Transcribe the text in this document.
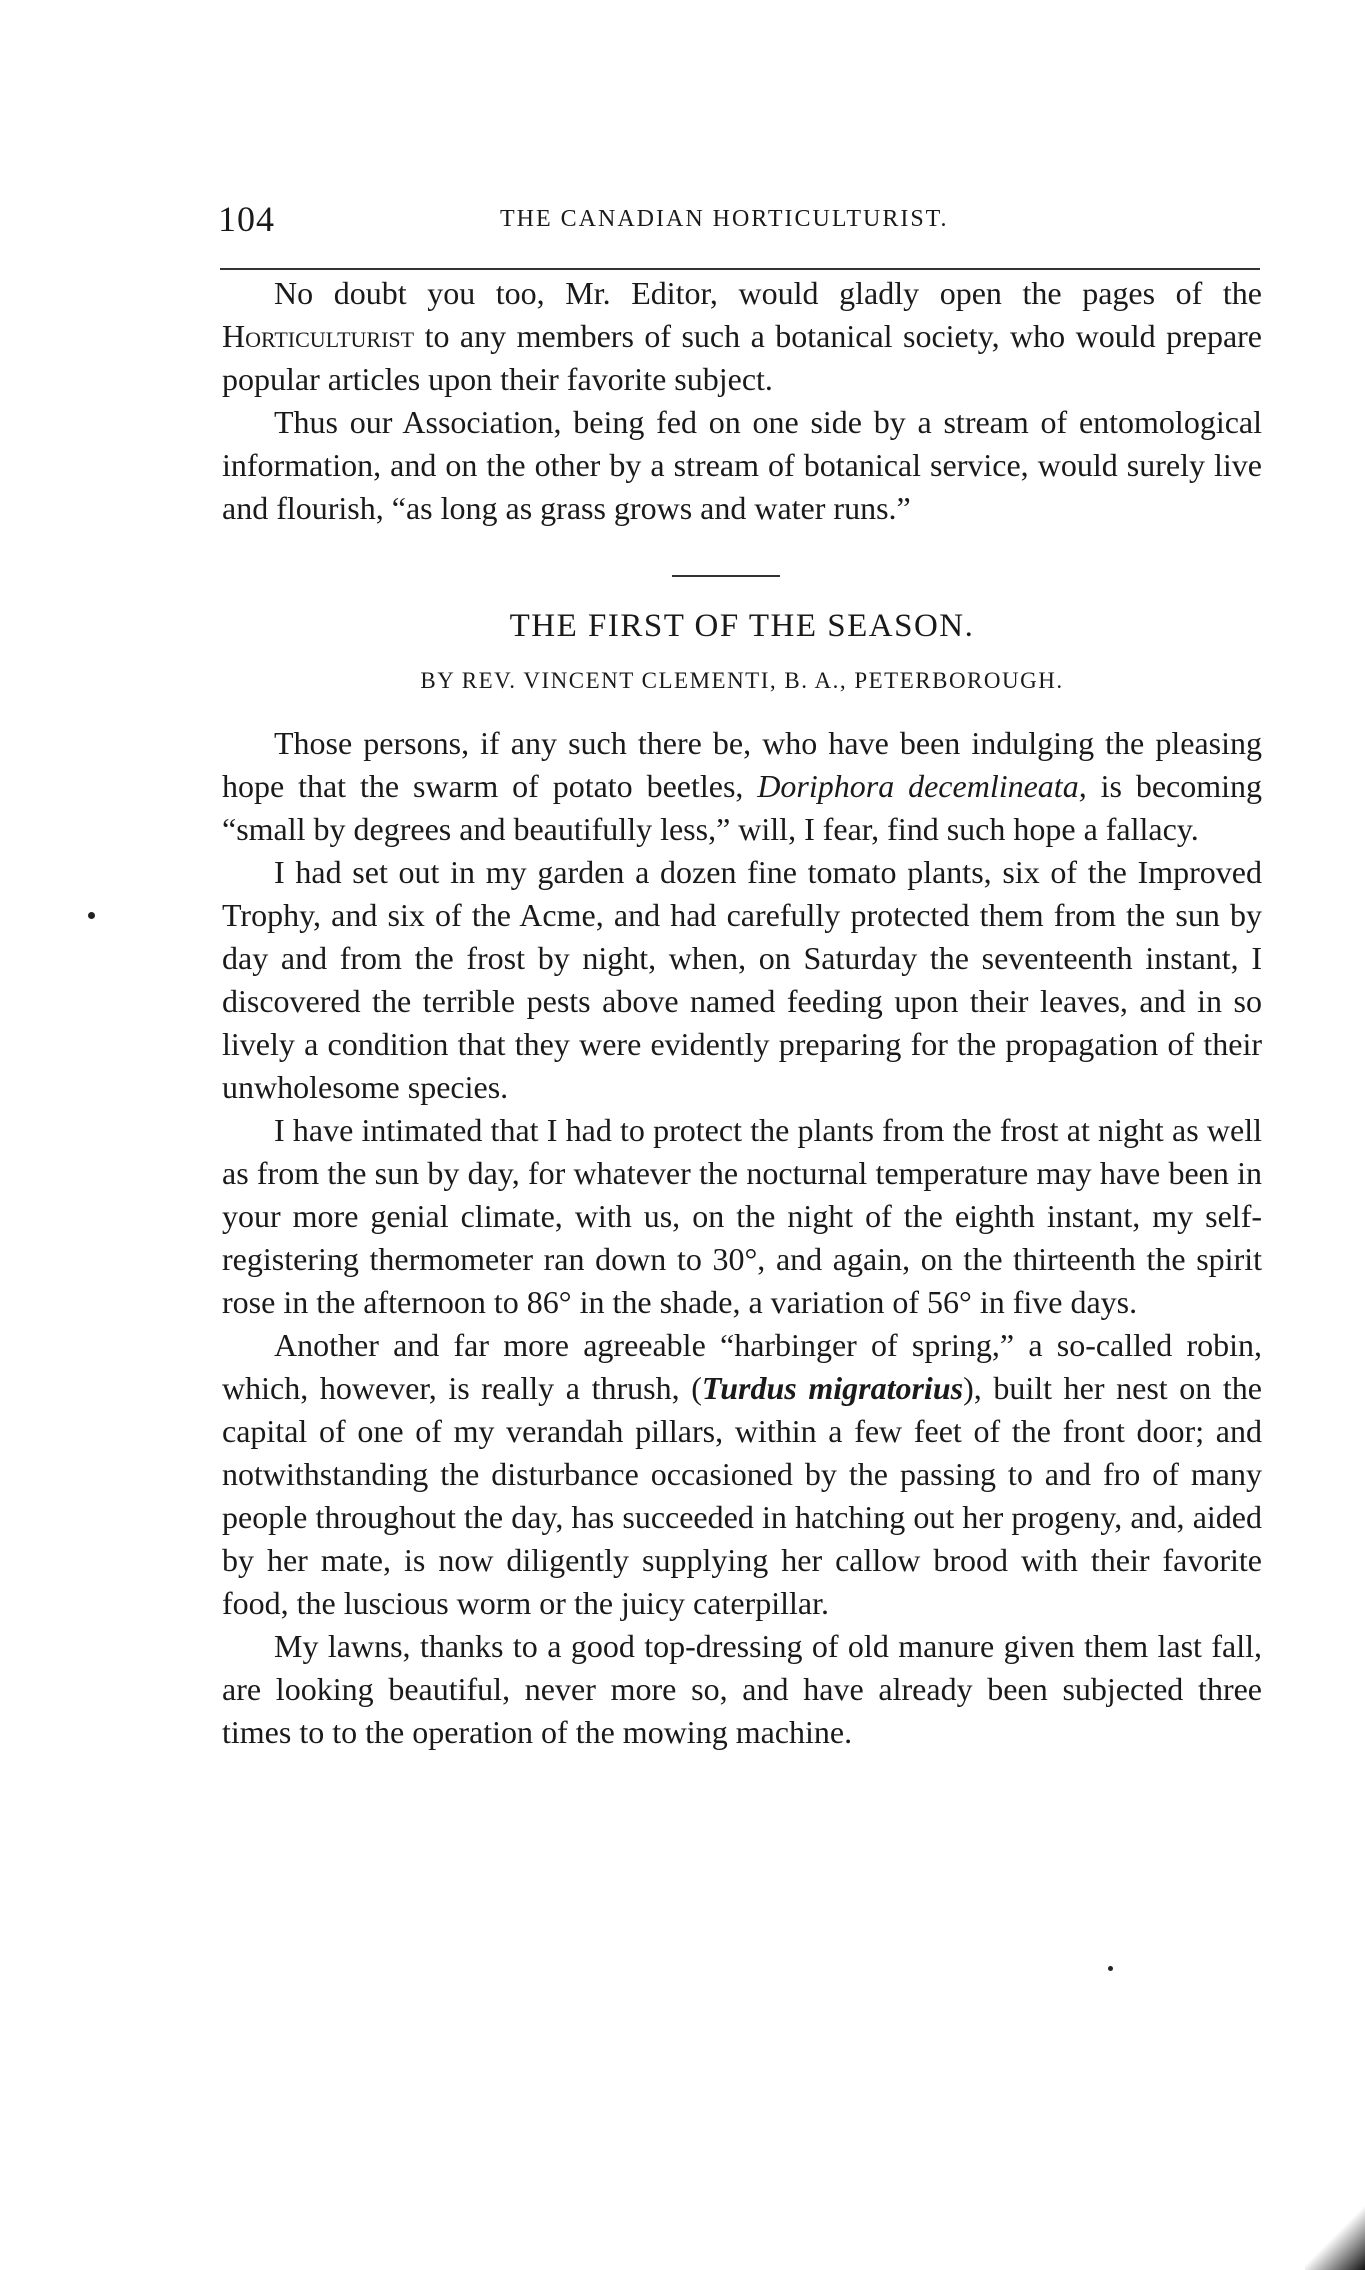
104	THE CANADIAN HORTICULTURIST.

No doubt you too, Mr. Editor, would gladly open the pages of the Horticulturist to any members of such a botanical society, who would prepare popular articles upon their favorite subject.

Thus our Association, being fed on one side by a stream of entomological information, and on the other by a stream of botanical service, would surely live and flourish, “as long as grass grows and water runs.”

THE FIRST OF THE SEASON.
BY REV. VINCENT CLEMENTI, B. A., PETERBOROUGH.

Those persons, if any such there be, who have been indulging the pleasing hope that the swarm of potato beetles, Doriphora decemlineata, is becoming “small by degrees and beautifully less,” will, I fear, find such hope a fallacy.

I had set out in my garden a dozen fine tomato plants, six of the Improved Trophy, and six of the Acme, and had carefully protected them from the sun by day and from the frost by night, when, on Saturday the seventeenth instant, I discovered the terrible pests above named feeding upon their leaves, and in so lively a condition that they were evidently preparing for the propagation of their unwholesome species.

I have intimated that I had to protect the plants from the frost at night as well as from the sun by day, for whatever the nocturnal temperature may have been in your more genial climate, with us, on the night of the eighth instant, my self-registering thermometer ran down to 30°, and again, on the thirteenth the spirit rose in the afternoon to 86° in the shade, a variation of 56° in five days.

Another and far more agreeable “harbinger of spring,” a so-called robin, which, however, is really a thrush, (Turdus migratorius), built her nest on the capital of one of my verandah pillars, within a few feet of the front door; and notwithstanding the disturbance occasioned by the passing to and fro of many people throughout the day, has succeeded in hatching out her progeny, and, aided by her mate, is now diligently supplying her callow brood with their favorite food, the luscious worm or the juicy caterpillar.

My lawns, thanks to a good top-dressing of old manure given them last fall, are looking beautiful, never more so, and have already been subjected three times to to the operation of the mowing machine.
